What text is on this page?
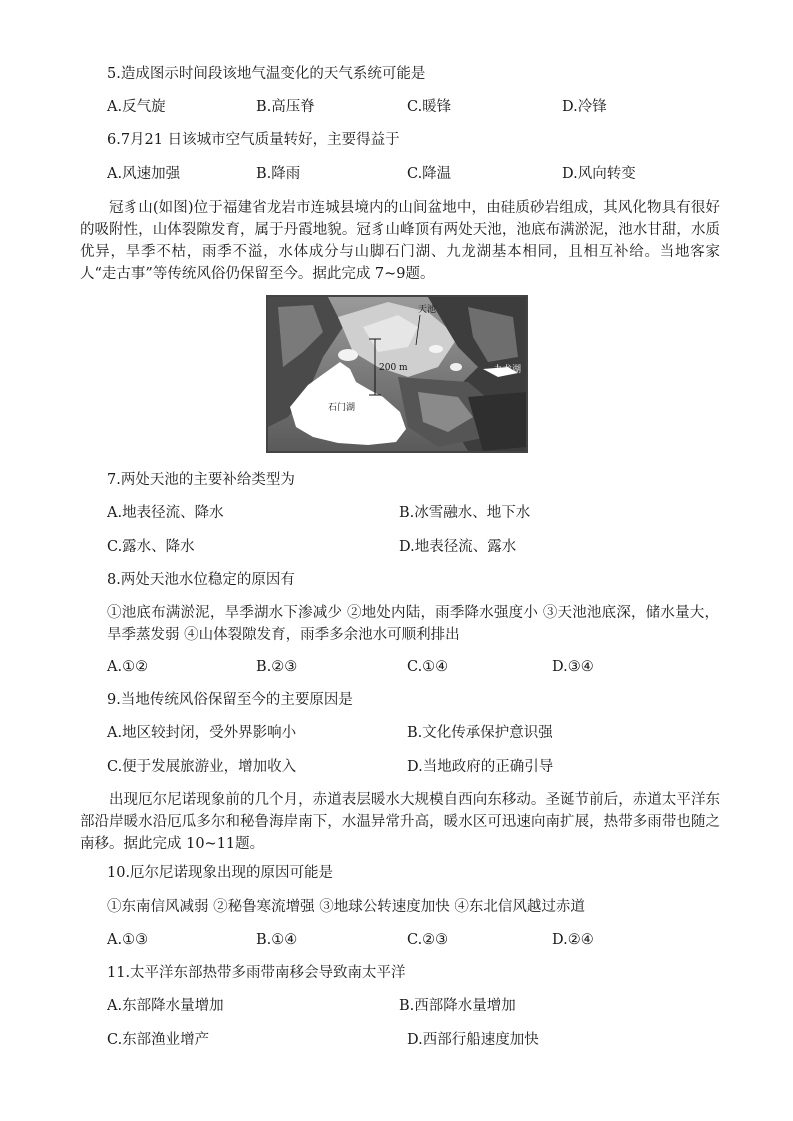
5.造成图示时间段该地气温变化的天气系统可能是
A.反气旋	B.高压脊	C.暖锋	D.冷锋
6.7月21 日该城市空气质量转好，主要得益于
A.风速加强	B.降雨	C.降温	D.风向转变
冠豸山(如图)位于福建省龙岩市连城县境内的山间盆地中，由硅质砂岩组成，其风化物具有很好的吸附性，山体裂隙发育，属于丹霞地貌。冠豸山峰顶有两处天池，池底布满淤泥，池水甘甜，水质优异，旱季不枯，雨季不溢，水体成分与山脚石门湖、九龙湖基本相同，且相互补给。当地客家人“走古事”等传统风俗仍保留至今。据此完成 7~9题。
天池
200 m	九龙湖
石门湖
7.两处天池的主要补给类型为
A.地表径流、降水	B.冰雪融水、地下水
C.露水、降水	D.地表径流、露水
8.两处天池水位稳定的原因有
①池底布满淤泥，旱季湖水下渗减少 ②地处内陆，雨季降水强度小 ③天池池底深，储水量大，旱季蒸发弱 ④山体裂隙发育，雨季多余池水可顺利排出
A.①②	B.②③	C.①④	D.③④
9.当地传统风俗保留至今的主要原因是
A.地区较封闭，受外界影响小	B.文化传承保护意识强
C.便于发展旅游业，增加收入	D.当地政府的正确引导
出现厄尔尼诺现象前的几个月，赤道表层暖水大规模自西向东移动。圣诞节前后，赤道太平洋东部沿岸暖水沿厄瓜多尔和秘鲁海岸南下，水温异常升高，暖水区可迅速向南扩展，热带多雨带也随之南移。据此完成 10~11题。
10.厄尔尼诺现象出现的原因可能是
①东南信风减弱 ②秘鲁寒流增强 ③地球公转速度加快 ④东北信风越过赤道
A.①③	B.①④	C.②③	D.②④
11.太平洋东部热带多雨带南移会导致南太平洋
A.东部降水量增加	B.西部降水量增加
C.东部渔业增产	D.西部行船速度加快
